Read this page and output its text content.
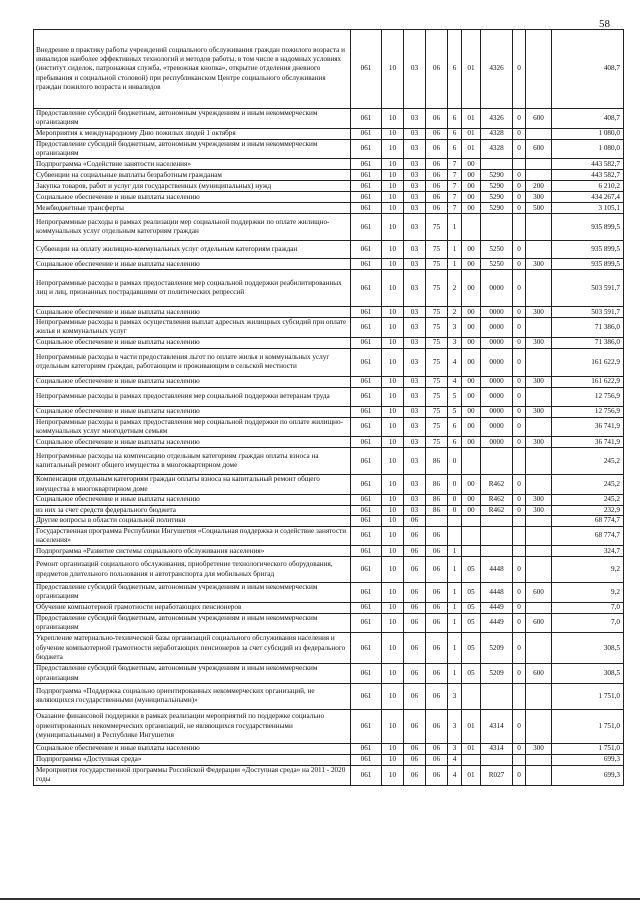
58
Внедрение в практику работы учреждений социального обслуживания граждан пожилого возраста и инвалидов наиболее эффективных технологий и методов работы, в том числе в надомных условиях (институт сиделок, патронажная служба, «тревожная кнопка», открытие отделения дневного пребывания и социальной столовой) при республиканском Центре социального обслуживания граждан пожилого возраста и инвалидов	061	10	03	06	6	01	4326	0		408,7
Предоставление субсидий бюджетным, автономным учреждениям и иным некоммерческим организациям	061	10	03	06	6	01	4326	0	600	408,7
Мероприятия к международному Дню пожилых людей 1 октября	061	10	03	06	6	01	4328	0		1 080,0
Предоставление субсидий бюджетным, автономным учреждениям и иным некоммерческим организациям	061	10	03	06	6	01	4328	0	600	1 080,0
Подпрограмма «Содействие занятости населения»	061	10	03	06	7	00				443 582,7
Субвенции на социальные выплаты безработным гражданам	061	10	03	06	7	00	5290	0		443 582,7
Закупка товаров, работ и услуг для государственных (муниципальных) нужд	061	10	03	06	7	00	5290	0	200	6 210,2
Социальное обеспечение и иные выплаты населению	061	10	03	06	7	00	5290	0	300	434 267,4
Межбюджетные трансферты	061	10	03	06	7	00	5290	0	500	3 105,1
Непрограммные расходы в рамках реализации мер социальной поддержки по оплате жилищно-коммунальных услуг отдельным категориям граждан	061	10	03	75	1					935 899,5
Субвенции на оплату жилищно-коммунальных услуг отдельным категориям граждан	061	10	03	75	1	00	5250	0		935 899,5
Социальное обеспечение и иные выплаты населению	061	10	03	75	1	00	5250	0	300	935 899,5
Непрограммные расходы в рамках предоставления мер социальной поддержки реабилитированных лиц и лиц, признанных пострадавшими от политических репрессий	061	10	03	75	2	00	0000	0		503 591,7
Социальное обеспечение и иные выплаты населению	061	10	03	75	2	00	0000	0	300	503 591,7
Непрограммные расходы в рамках осуществления выплат адресных жилищных субсидий при оплате жилья и коммунальных услуг	061	10	03	75	3	00	0000	0		71 386,0
Социальное обеспечение и иные выплаты населению	061	10	03	75	3	00	0000	0	300	71 386,0
Непрограммные расходы в части предоставления льгот по оплате жилья и коммунальных услуг отдельным категориям граждан, работающим и проживающим в сельской местности	061	10	03	75	4	00	0000	0		161 622,9
Социальное обеспечение и иные выплаты населению	061	10	03	75	4	00	0000	0	300	161 622,9
Непрограммные расходы в рамках предоставления мер социальной поддержки ветеранам труда	061	10	03	75	5	00	0000	0		12 756,9
Социальное обеспечение и иные выплаты населению	061	10	03	75	5	00	0000	0	300	12 756,9
Непрограммные расходы в рамках предоставления мер социальной поддержки по оплате жилищно-коммунальных услуг многодетным семьям	061	10	03	75	6	00	0000	0		36 741,9
Социальное обеспечение и иные выплаты населению	061	10	03	75	6	00	0000	0	300	36 741,9
Непрограммные расходы на компенсацию отдельным категориям граждан оплаты взноса на капитальный ремонт общего имущества в многоквартирном доме	061	10	03	86	0					245,2
Компенсация отдельным категориям граждан оплаты взноса на капитальный ремонт общего имущества в многоквартирном доме	061	10	03	86	0	00	R462	0		245,2
Социальное обеспечение и иные выплаты населению	061	10	03	86	0	00	R462	0	300	245,2
из них за счет средств федерального бюджета	061	10	03	86	0	00	R462	0	300	232,9
Другие вопросы в области социальной политики	061	10	06							68 774,7
Государственная программа Республики Ингушетия «Социальная поддержка и содействие занятости населения»	061	10	06	06						68 774,7
Подпрограмма «Развитие системы социального обслуживания населения»	061	10	06	06	1					324,7
Ремонт организаций социального обслуживания, приобретение технологического оборудования, предметов длительного пользования и автотранспорта для мобильных бригад	061	10	06	06	1	05	4448	0		9,2
Предоставление субсидий бюджетным, автономным учреждениям и иным некоммерческим организациям	061	10	06	06	1	05	4448	0	600	9,2
Обучение компьютерной грамотности неработающих пенсионеров	061	10	06	06	1	05	4449	0		7,0
Предоставление субсидий бюджетным, автономным учреждениям и иным некоммерческим организациям	061	10	06	06	1	05	4449	0	600	7,0
Укрепление материально-технической базы организаций социального обслуживания населения и обучение компьютерной грамотности неработающих пенсионеров за счет субсидий из федерального бюджета	061	10	06	06	1	05	5209	0		308,5
Предоставление субсидий бюджетным, автономным учреждениям и иным некоммерческим организациям	061	10	06	06	1	05	5209	0	600	308,5
Подпрограмма «Поддержка социально ориентированных некоммерческих организаций, не являющихся государственными (муниципальными)»	061	10	06	06	3					1 751,0
Оказание финансовой поддержки в рамках реализации мероприятий по поддержке социально ориентированных некоммерческих организаций, не являющихся государственными (муниципальными) в Республике Ингушетия	061	10	06	06	3	01	4314	0		1 751,0
Социальное обеспечение и иные выплаты населению	061	10	06	06	3	01	4314	0	300	1 751,0
Подпрограмма «Доступная среда»	061	10	06	06	4					699,3
Мероприятия государственной программы Российской Федерации «Доступная среда» на 2011 - 2020 годы	061	10	06	06	4	01	R027	0		699,3
